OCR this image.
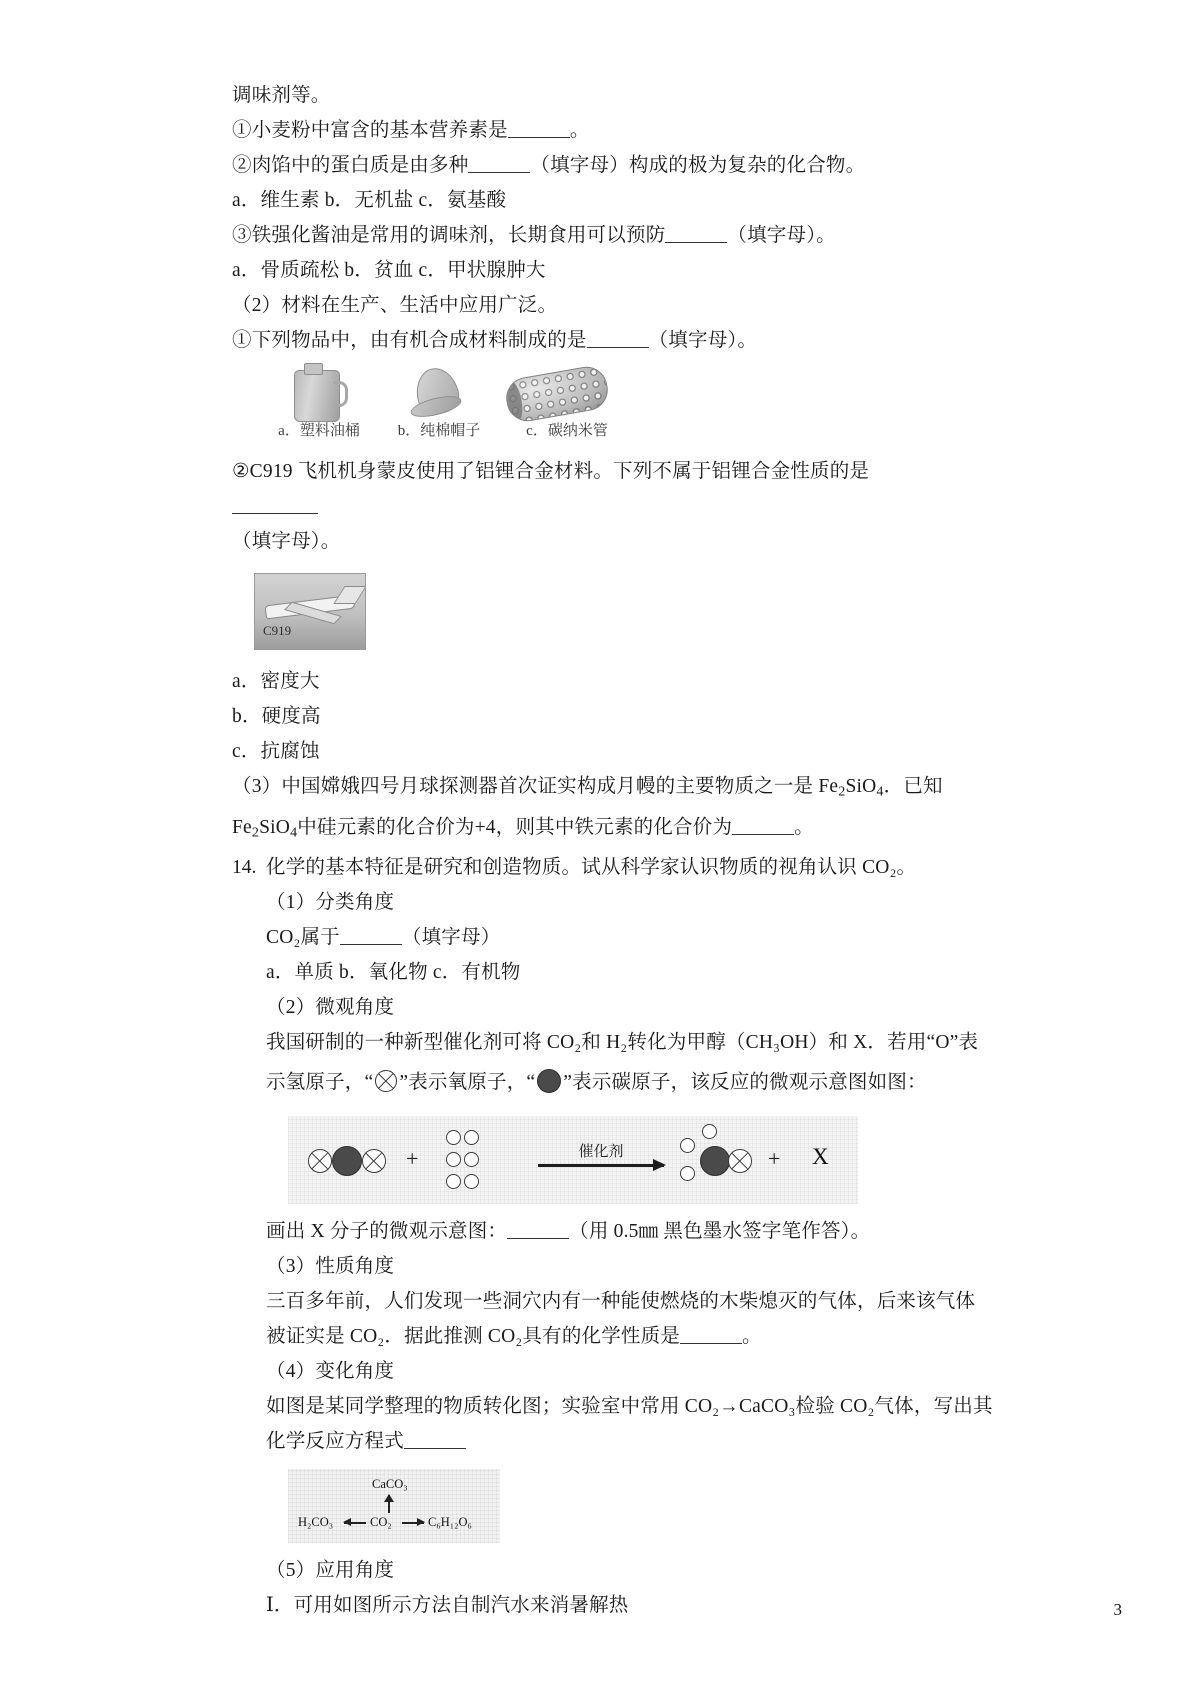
调味剂等。
①小麦粉中富含的基本营养素是	。
②肉馅中的蛋白质是由多种	（填字母）构成的极为复杂的化合物。
a．维生素 b．无机盐 c．氨基酸
③铁强化酱油是常用的调味剂，长期食用可以预防	（填字母）。
a．骨质疏松 b．贫血 c．甲状腺肿大
（2）材料在生产、生活中应用广泛。
①下列物品中，由有机合成材料制成的是	（填字母）。
a．塑料油桶	b．纯棉帽子	c．碳纳米管
②C919 飞机机身蒙皮使用了铝锂合金材料。下列不属于铝锂合金性质的是
（填字母）。
C919
a．密度大
b．硬度高
c．抗腐蚀
（3）中国嫦娥四号月球探测器首次证实构成月幔的主要物质之一是 $Fe_2SiO_4$．已知
$Fe_2SiO_4$中硅元素的化合价为+4，则其中铁元素的化合价为	。
14. 化学的基本特征是研究和创造物质。试从科学家认识物质的视角认识 CO₂。
（1）分类角度
CO₂属于	（填字母）
a．单质 b．氧化物 c．有机物
（2）微观角度
我国研制的一种新型催化剂可将 CO₂和 H₂转化为甲醇（CH₃OH）和 X．若用“O”表
示氢原子，“ ”表示氧原子，“ ”表示碳原子，该反应的微观示意图如图：
+	催化剂	+ X
画出 X 分子的微观示意图：	（用 0.5㎜ 黑色墨水签字笔作答）。
（3）性质角度
三百多年前，人们发现一些洞穴内有一种能使燃烧的木柴熄灭的气体，后来该气体
被证实是 CO₂．据此推测 CO₂具有的化学性质是	。
（4）变化角度
如图是某同学整理的物质转化图；实验室中常用 CO₂→CaCO₃检验 CO₂气体，写出其
化学反应方程式
CaCO₃
H₂CO₃	CO₂	C₆H₁₂O₆
（5）应用角度
Ⅰ．可用如图所示方法自制汽水来消暑解热	3
